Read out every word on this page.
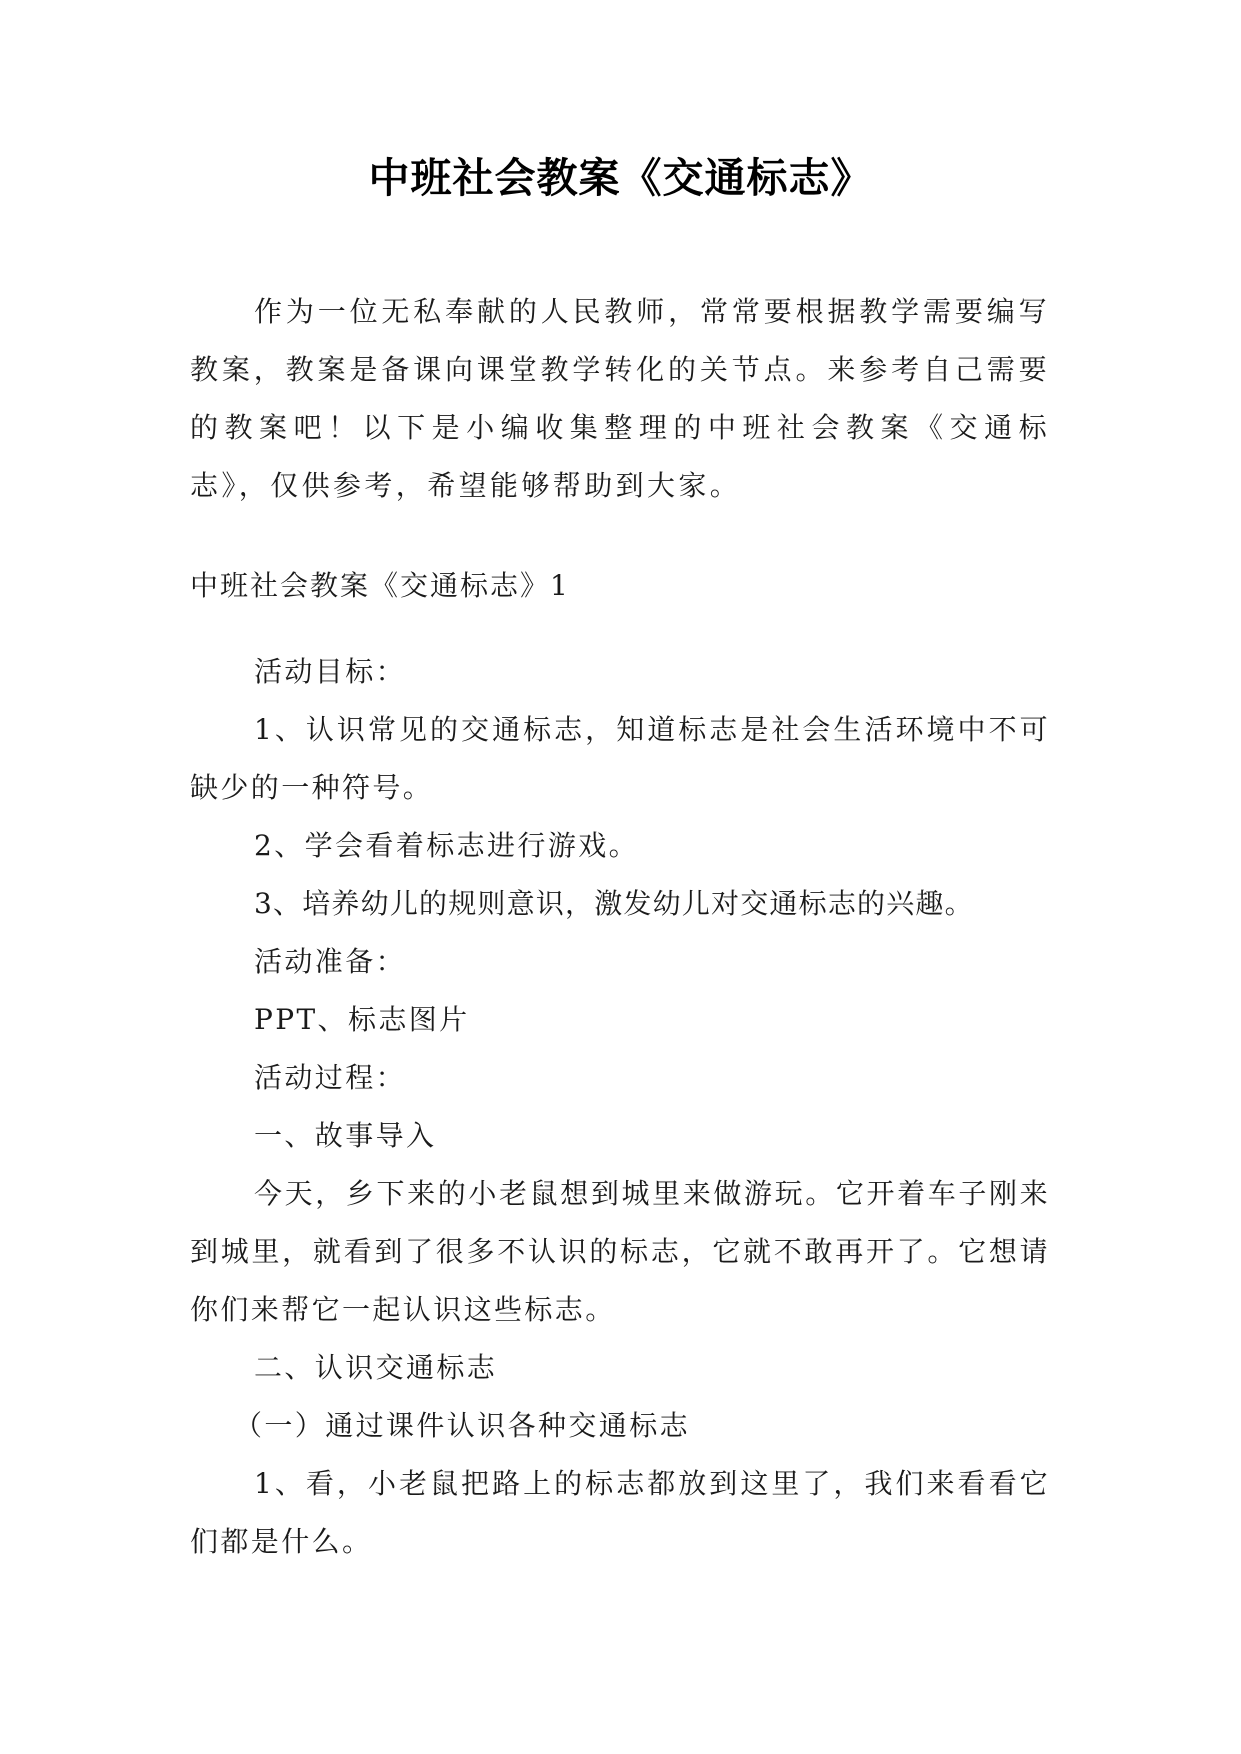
中班社会教案《交通标志》

作为一位无私奉献的人民教师，常常要根据教学需要编写教案，教案是备课向课堂教学转化的关节点。来参考自己需要的教案吧！以下是小编收集整理的中班社会教案《交通标志》，仅供参考，希望能够帮助到大家。

中班社会教案《交通标志》1

活动目标：

1、认识常见的交通标志，知道标志是社会生活环境中不可缺少的一种符号。

2、学会看着标志进行游戏。

3、培养幼儿的规则意识，激发幼儿对交通标志的兴趣。

活动准备：

PPT、标志图片

活动过程：

一、故事导入

今天，乡下来的小老鼠想到城里来做游玩。它开着车子刚来到城里，就看到了很多不认识的标志，它就不敢再开了。它想请你们来帮它一起认识这些标志。

二、认识交通标志

（一）通过课件认识各种交通标志

1、看，小老鼠把路上的标志都放到这里了，我们来看看它们都是什么。
